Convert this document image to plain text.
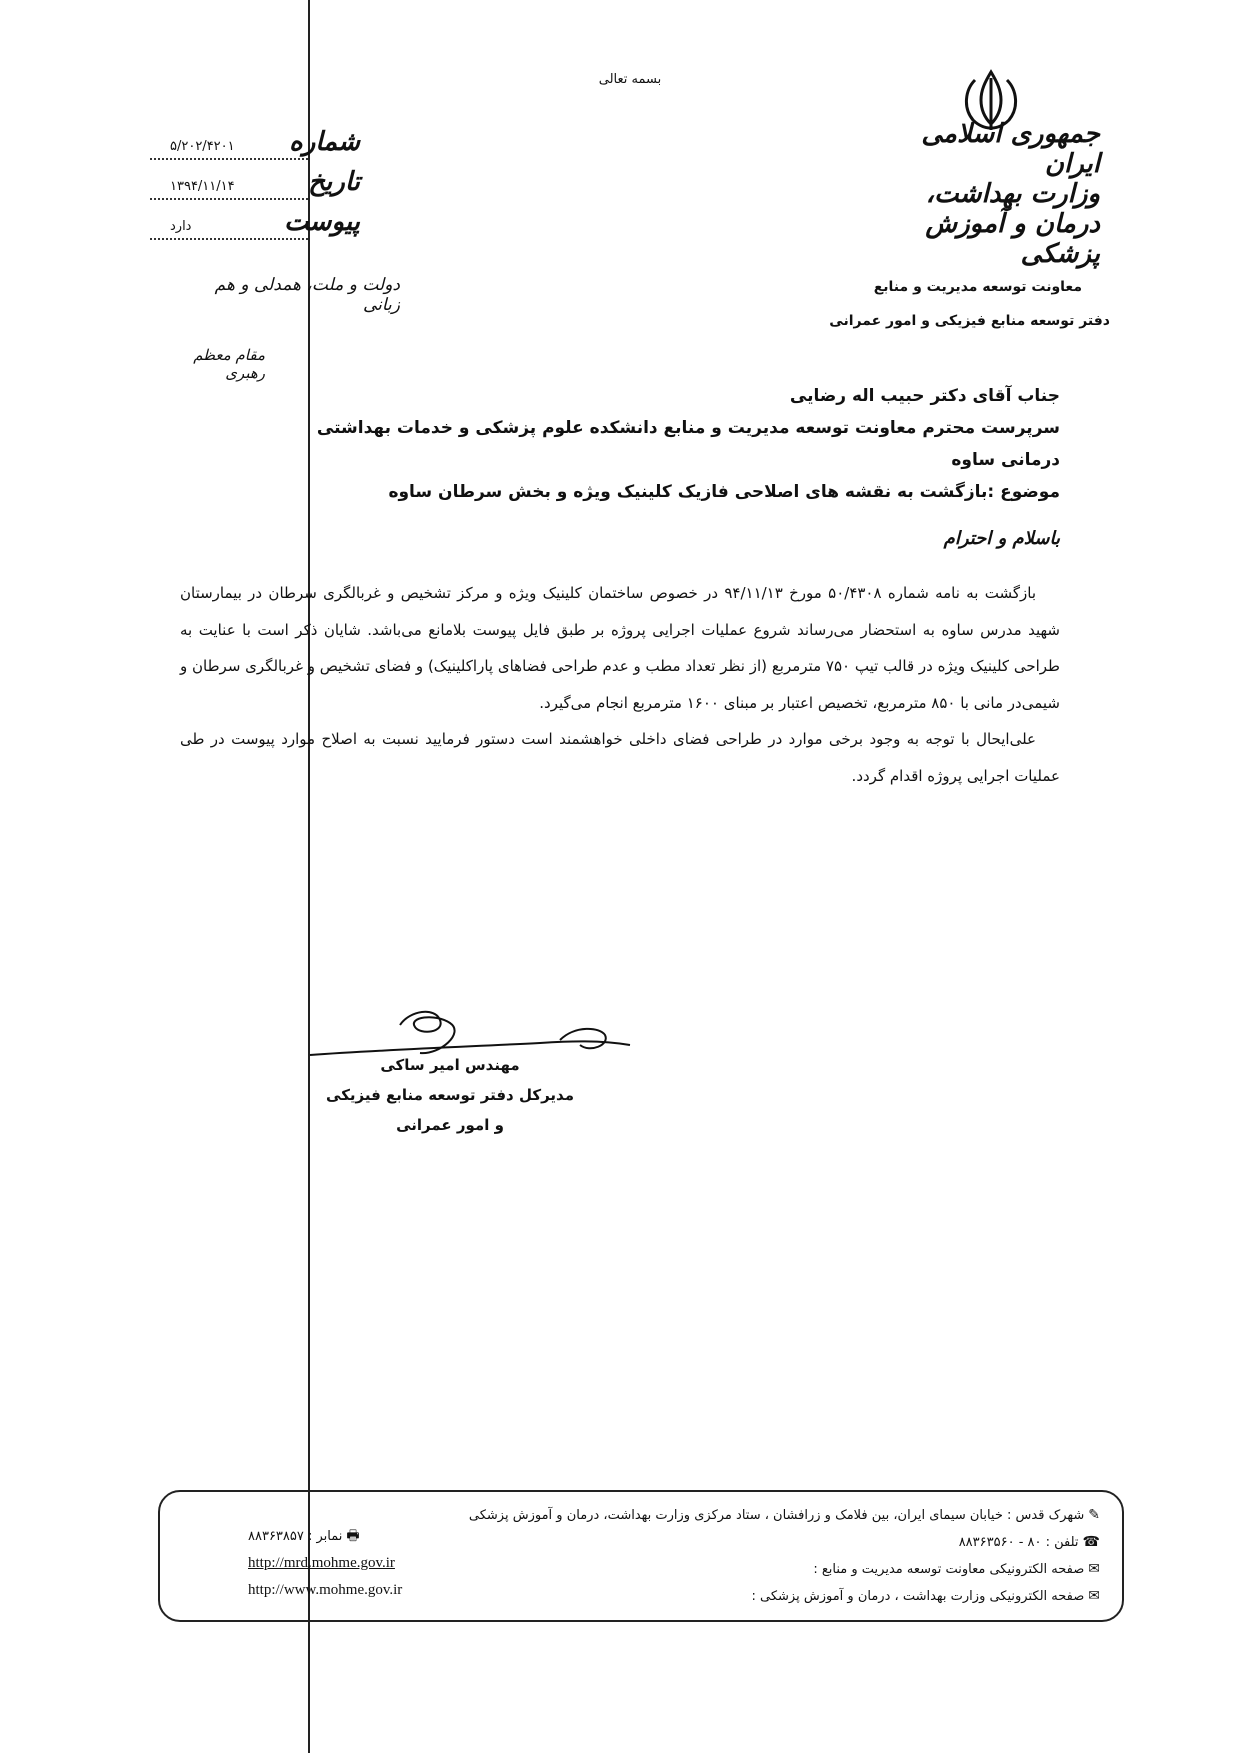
بسمه تعالی
جمهوری اسلامی ایران
وزارت بهداشت، درمان و آموزش پزشکی
معاونت توسعه مدیریت و منابع
دفتر توسعه منابع فیزیکی و امور عمرانی
شماره
۵/۲۰۲/۴۲۰۱
تاریخ
۱۳۹۴/۱۱/۱۴
پیوست
دارد
دولت و ملت، همدلی و هم زبانی
مقام معظم رهبری
جناب آقای دکتر حبیب اله رضایی
سرپرست محترم معاونت توسعه مدیریت و منابع دانشکده علوم پزشکی و خدمات بهداشتی درمانی ساوه
موضوع :بازگشت به نقشه های اصلاحی فازیک کلینیک ویژه و بخش سرطان ساوه
باسلام و احترام

بازگشت به نامه شماره ۵۰/۴۳۰۸ مورخ ۹۴/۱۱/۱۳ در خصوص ساختمان کلینیک ویژه و مرکز تشخیص و غربالگری سرطان در بیمارستان شهید مدرس ساوه به استحضار می‌رساند شروع عملیات اجرایی پروژه بر طبق فایل پیوست بلامانع می‌باشد. شایان ذکر است با عنایت به طراحی کلینیک ویژه در قالب تیپ ۷۵۰ مترمربع (از نظر تعداد مطب و عدم طراحی فضاهای پاراکلینیک) و فضای تشخیص و غربالگری سرطان و شیمی‌در مانی با ۸۵۰ مترمربع، تخصیص اعتبار بر مبنای ۱۶۰۰ مترمربع انجام می‌گیرد.

علی‌ایحال با توجه به وجود برخی موارد در طراحی فضای داخلی خواهشمند است دستور فرمایید نسبت به اصلاح موارد پیوست در طی عملیات اجرایی پروژه اقدام گردد.

مهندس امیر ساکی
مدیرکل دفتر توسعه منابع فیزیکی
و امور عمرانی
✎شهرک قدس : خیابان سیمای ایران، بین فلامک و زرافشان ، ستاد مرکزی وزارت بهداشت، درمان و آموزش پزشکی
☎تلفن : ۸۰ - ۸۸۳۶۳۵۶۰
✉صفحه الکترونیکی معاونت توسعه مدیریت و منابع :
✉صفحه الکترونیکی وزارت بهداشت ، درمان و آموزش پزشکی :
🖶نمابر : ۸۸۳۶۳۸۵۷
http://mrd.mohme.gov.ir
http://www.mohme.gov.ir
